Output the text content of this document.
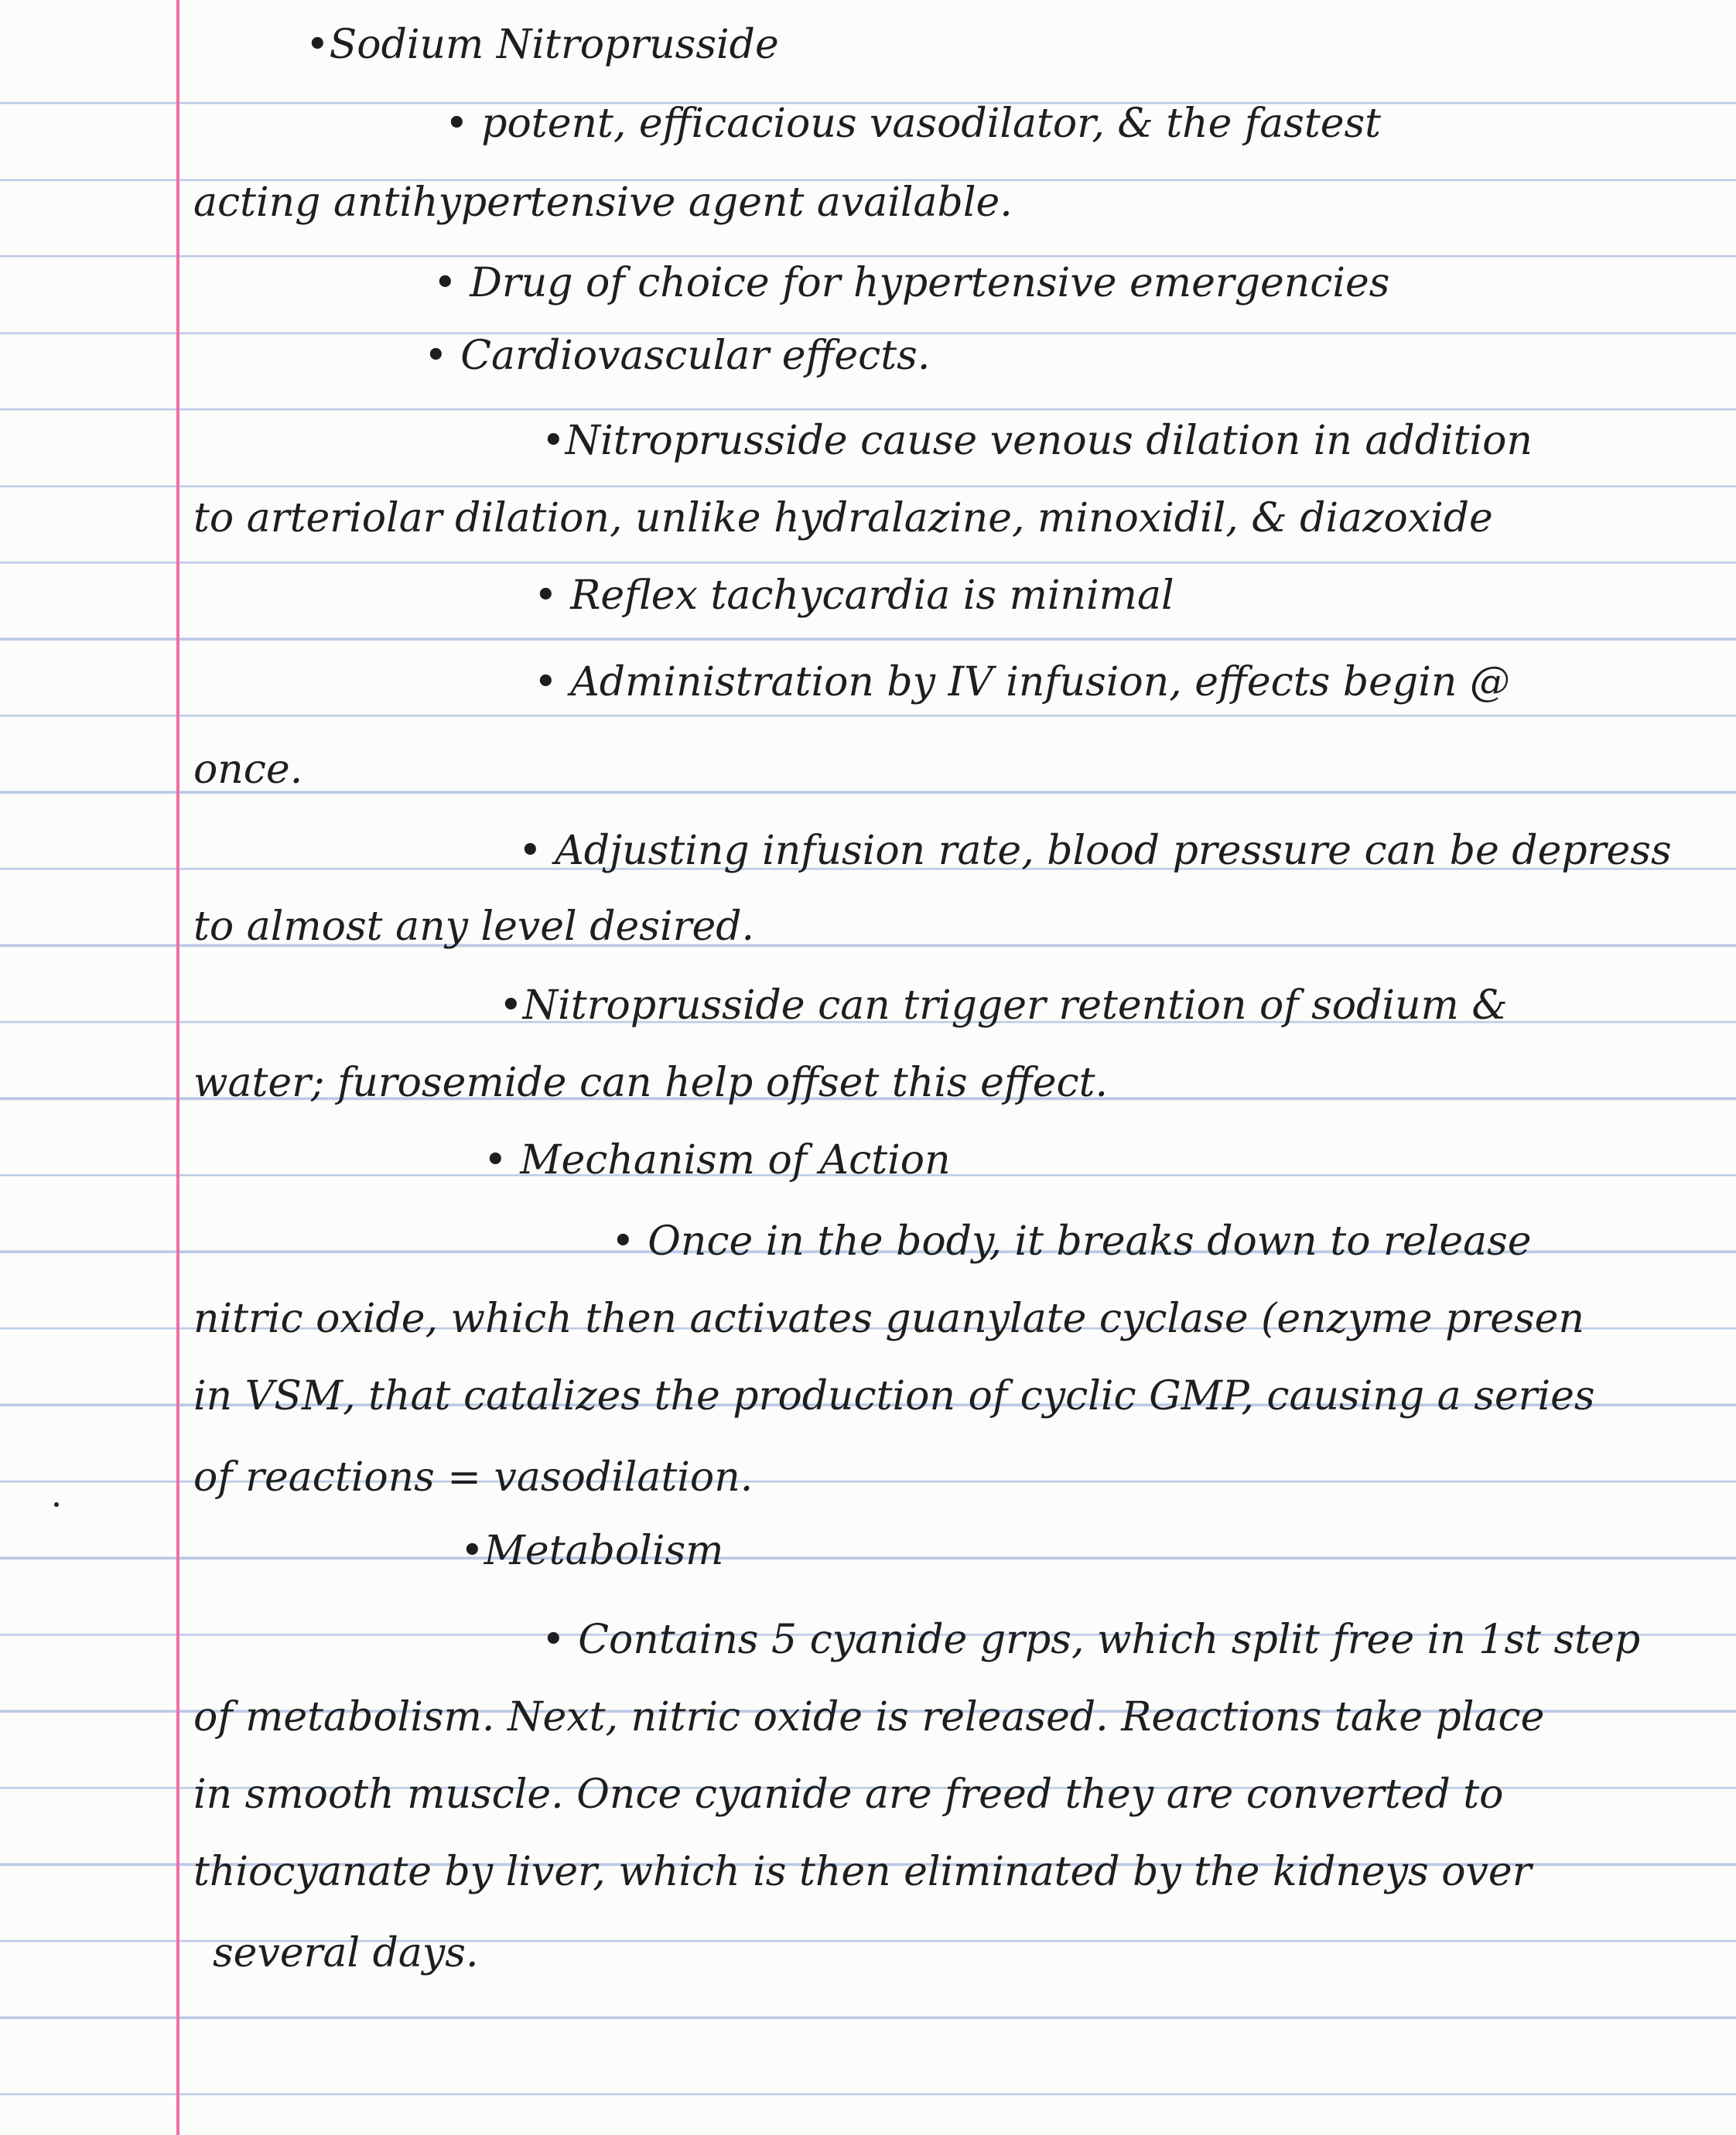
•Sodium Nitroprusside
• potent, efficacious vasodilator, & the fastest
acting antihypertensive agent available.
• Drug of choice for hypertensive emergencies
• Cardiovascular effects.
•Nitroprusside cause venous dilation in addition
to arteriolar dilation, unlike hydralazine, minoxidil, & diazoxide
• Reflex tachycardia is minimal
• Administration by IV infusion, effects begin @
once.
• Adjusting infusion rate, blood pressure can be depress
to almost any level desired.
•Nitroprusside can trigger retention of sodium &
water; furosemide can help offset this effect.
• Mechanism of Action
• Once in the body, it breaks down to release
nitric oxide, which then activates guanylate cyclase (enzyme presen
in VSM, that catalizes the production of cyclic GMP, causing a series
of reactions = vasodilation.
•Metabolism
• Contains 5 cyanide grps, which split free in 1st step
of metabolism. Next, nitric oxide is released. Reactions take place
in smooth muscle. Once cyanide are freed they are converted to
thiocyanate by liver, which is then eliminated by the kidneys over
several days.
